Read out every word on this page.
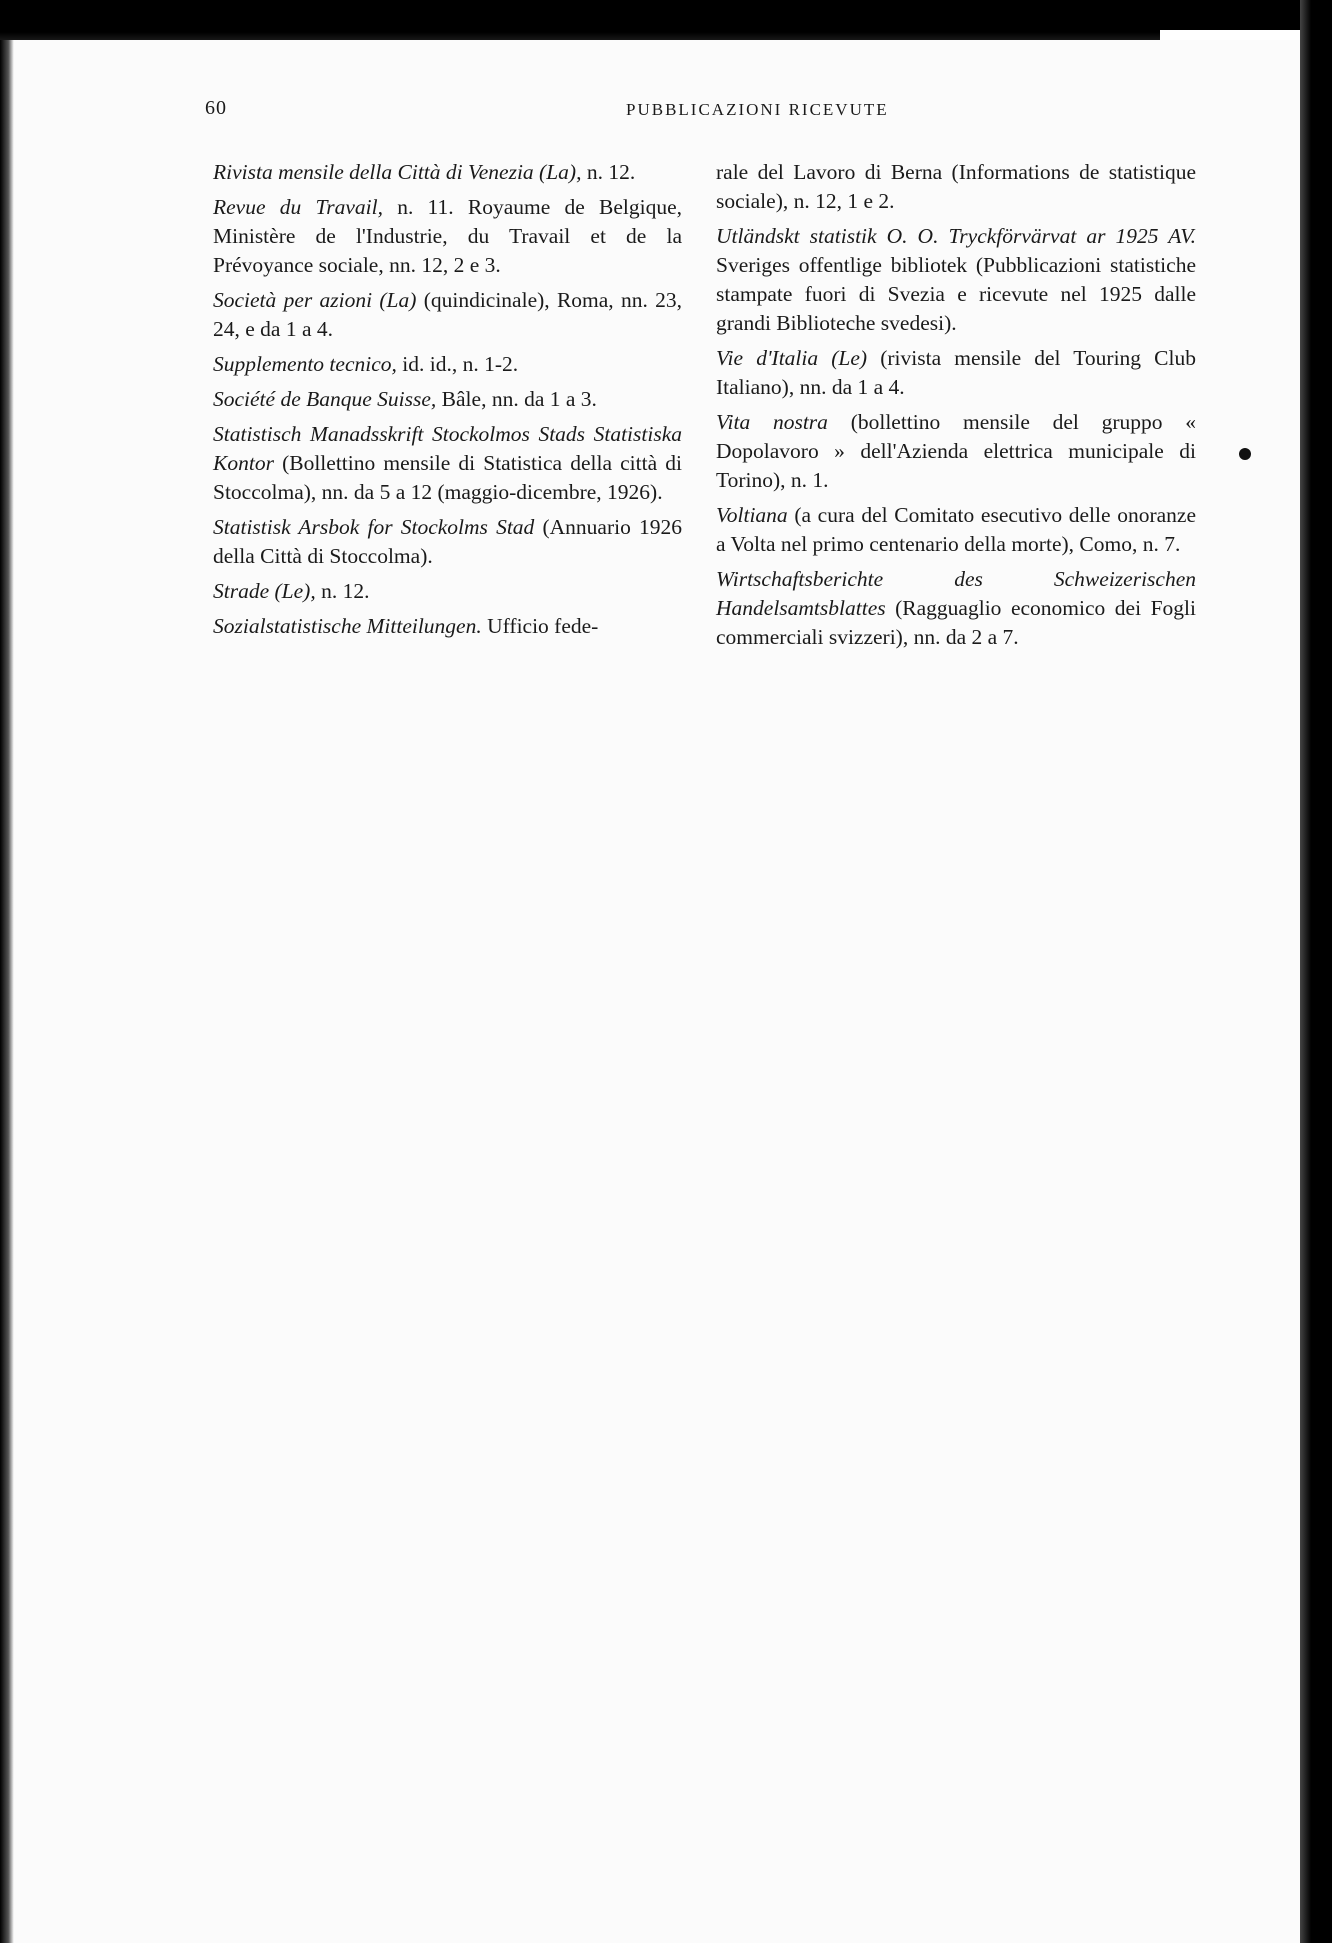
60	PUBBLICAZIONI RICEVUTE

Rivista mensile della Città di Venezia (La), n. 12.

Revue du Travail, n. 11. Royaume de Belgique, Ministère de l'Industrie, du Travail et de la Prévoyance sociale, nn. 12, 2 e 3.

Società per azioni (La) (quindicinale), Roma, nn. 23, 24, e da 1 a 4.

Supplemento tecnico, id. id., n. 1-2.

Société de Banque Suisse, Bâle, nn. da 1 a 3.

Statistisch Manadsskrift Stockolmos Stads Statistiska Kontor (Bollettino mensile di Statistica della città di Stoccolma), nn. da 5 a 12 (maggio-dicembre, 1926).

Statistisk Arsbok for Stockolms Stad (Annuario 1926 della Città di Stoccolma).

Strade (Le), n. 12.

Sozialstatistische Mitteilungen. Ufficio fede-

rale del Lavoro di Berna (Informations de statistique sociale), n. 12, 1 e 2.

Utländskt statistik O. O. Tryckförvärvat ar 1925 AV. Sveriges offentlige bibliotek (Pubblicazioni statistiche stampate fuori di Svezia e ricevute nel 1925 dalle grandi Biblioteche svedesi).

Vie d'Italia (Le) (rivista mensile del Touring Club Italiano), nn. da 1 a 4.

Vita nostra (bollettino mensile del gruppo « Dopolavoro » dell'Azienda elettrica municipale di Torino), n. 1.

Voltiana (a cura del Comitato esecutivo delle onoranze a Volta nel primo centenario della morte), Como, n. 7.

Wirtschaftsberichte des Schweizerischen Handelsamtsblattes (Ragguaglio economico dei Fogli commerciali svizzeri), nn. da 2 a 7.
